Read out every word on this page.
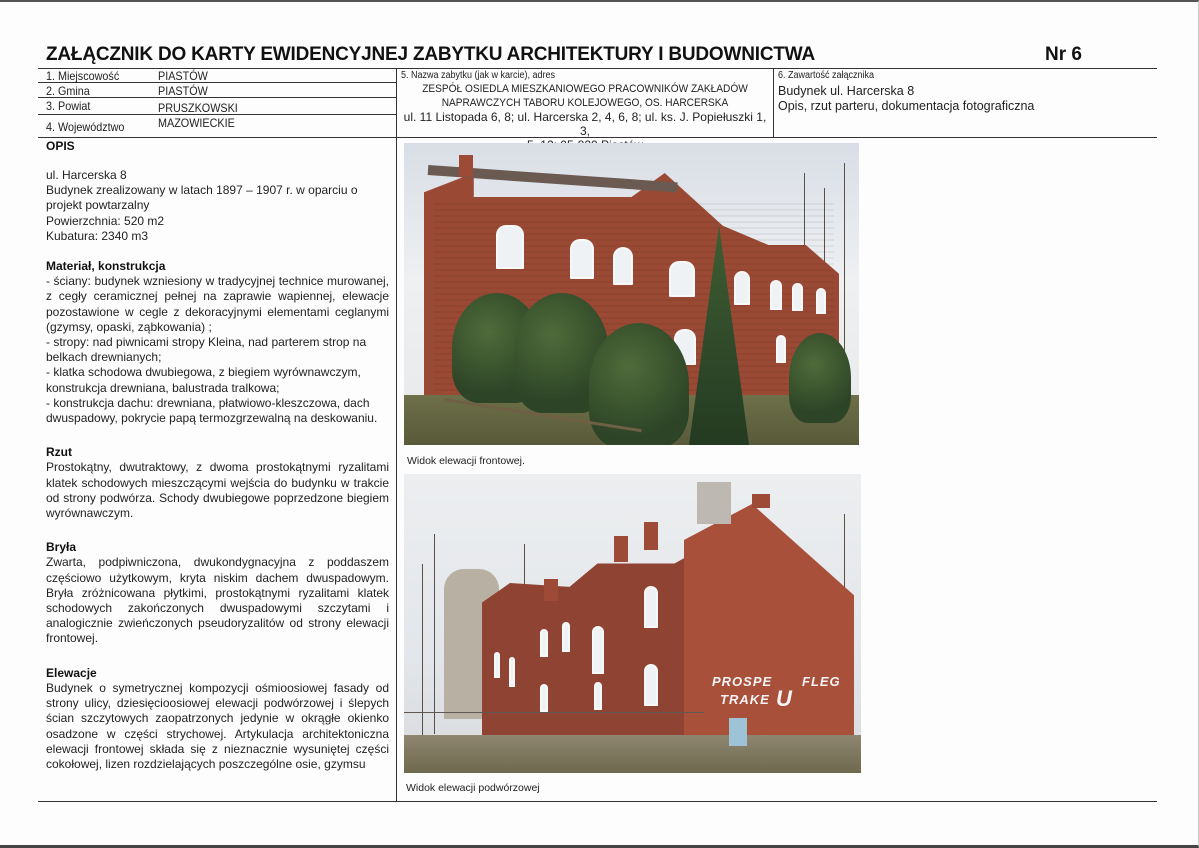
ZAŁĄCZNIK DO KARTY EWIDENCYJNEJ ZABYTKU ARCHITEKTURY I BUDOWNICTWA	Nr 6
1. Miejscowość	PIASTÓW
2. Gmina	PIASTÓW
3. Powiat	PRUSZKOWSKI
4. Województwo	MAZOWIECKIE
5. Nazwa zabytku (jak w karcie), adres
ZESPÓŁ OSIEDLA MIESZKANIOWEGO PRACOWNIKÓW ZAKŁADÓW
NAPRAWCZYCH TABORU KOLEJOWEGO, OS. HARCERSKA
ul. 11 Listopada 6, 8; ul. Harcerska 2, 4, 6, 8; ul. ks. J. Popiełuszki 1, 3,
6. Zawartość załącznika
Budynek ul. Harcerska 8
Opis, rzut parteru, dokumentacja fotograficzna
OPIS

ul. Harcerska 8

Budynek zrealizowany w latach 1897 – 1907 r. w oparciu o projekt powtarzalny

Powierzchnia: 520 m2

Kubatura: 2340 m3

Materiał, konstrukcja

- ściany: budynek wzniesiony w tradycyjnej technice murowanej, z cegły ceramicznej pełnej na zaprawie wapiennej, elewacje pozostawione w cegle z dekoracyjnymi elementami ceglanymi (gzymsy, opaski, ząbkowania) ;

- stropy: nad piwnicami stropy Kleina, nad parterem strop na belkach drewnianych;

- klatka schodowa dwubiegowa, z biegiem wyrównawczym, konstrukcja drewniana, balustrada tralkowa;

- konstrukcja dachu: drewniana, płatwiowo-kleszczowa, dach dwuspadowy, pokrycie papą termozgrzewalną na deskowaniu.

Rzut

Prostokątny, dwutraktowy, z dwoma prostokątnymi ryzalitami klatek schodowych mieszczącymi wejścia do budynku w trakcie od strony podwórza. Schody dwubiegowe poprzedzone biegiem wyrównawczym.

Bryła

Zwarta, podpiwniczona, dwukondygnacyjna z poddaszem częściowo użytkowym, kryta niskim dachem dwuspadowym. Bryła zróżnicowana płytkimi, prostokątnymi ryzalitami klatek schodowych zakończonych dwuspadowymi szczytami i analogicznie zwieńczonych pseudoryzalitów od strony elewacji frontowej.

Elewacje

Budynek o symetrycznej kompozycji ośmioosiowej fasady od strony ulicy, dziesięcioosiowej elewacji podwórzowej i ślepych ścian szczytowych zaopatrzonych jedynie w okrągłe okienko osadzone w części strychowej. Artykulacja architektoniczna elewacji frontowej składa się z nieznacznie wysuniętej części cokołowej, lizen rozdzielających poszczególne osie, gzymsu

Widok elewacji frontowej.
PROSPE
TRAKE U
FLEG
Widok elewacji podwórzowej
